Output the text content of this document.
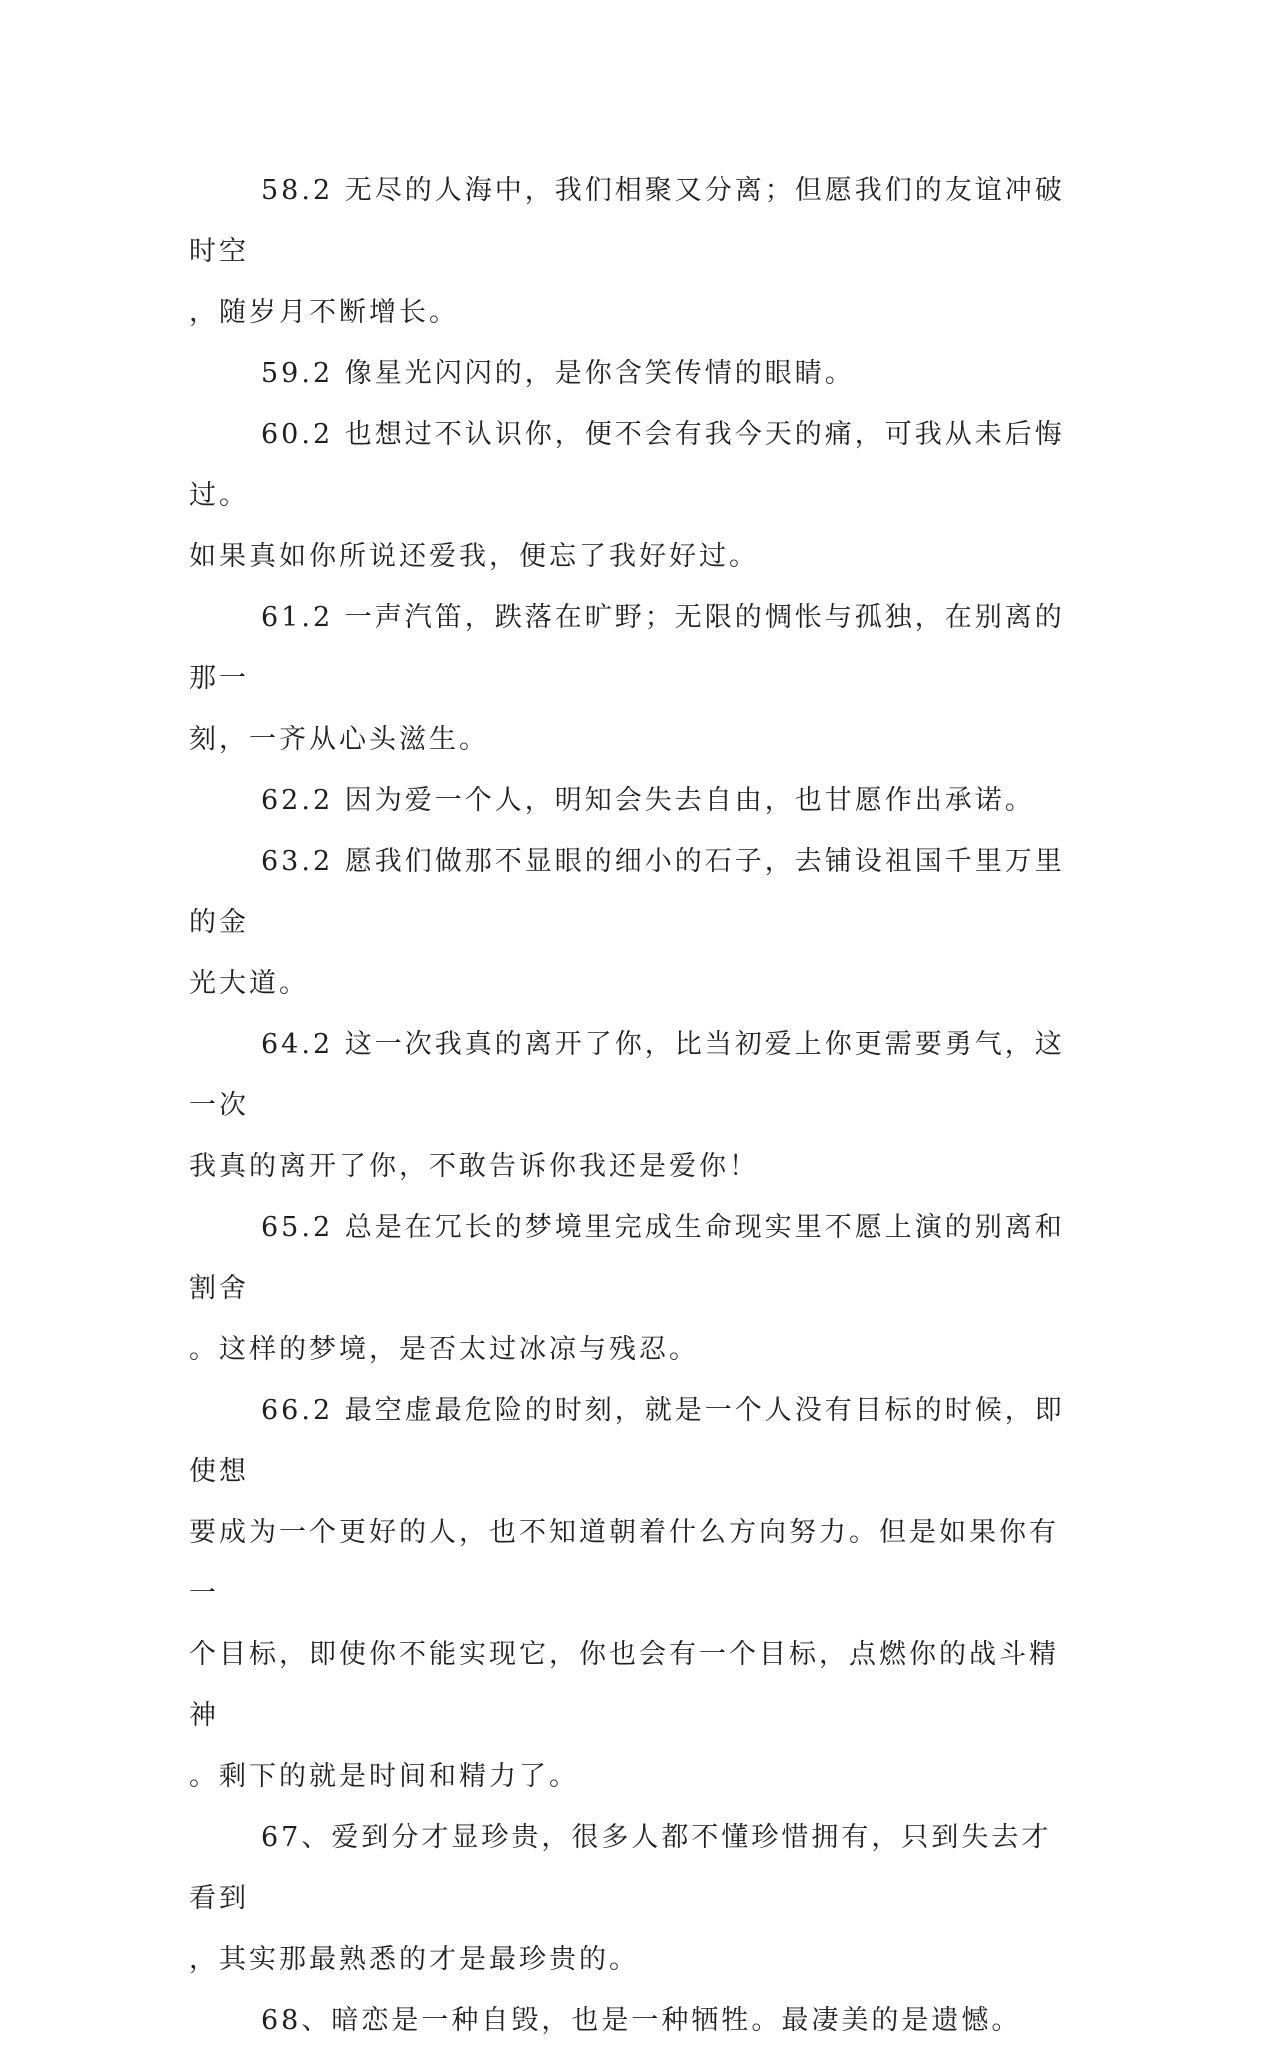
58.2 无尽的人海中，我们相聚又分离；但愿我们的友谊冲破时空
，随岁月不断增长。

59.2 像星光闪闪的，是你含笑传情的眼睛。

60.2 也想过不认识你，便不会有我今天的痛，可我从未后悔过。
如果真如你所说还爱我，便忘了我好好过。

61.2 一声汽笛，跌落在旷野；无限的惆怅与孤独，在别离的那一
刻，一齐从心头滋生。

62.2 因为爱一个人，明知会失去自由，也甘愿作出承诺。

63.2 愿我们做那不显眼的细小的石子，去铺设祖国千里万里的金
光大道。

64.2 这一次我真的离开了你，比当初爱上你更需要勇气，这一次
我真的离开了你，不敢告诉你我还是爱你！

65.2 总是在冗长的梦境里完成生命现实里不愿上演的别离和割舍
。这样的梦境，是否太过冰凉与残忍。

66.2 最空虚最危险的时刻，就是一个人没有目标的时候，即使想
要成为一个更好的人，也不知道朝着什么方向努力。但是如果你有一
个目标，即使你不能实现它，你也会有一个目标，点燃你的战斗精神
。剩下的就是时间和精力了。

67、爱到分才显珍贵，很多人都不懂珍惜拥有，只到失去才看到
，其实那最熟悉的才是最珍贵的。

68、暗恋是一种自毁，也是一种牺牲。最凄美的是遗憾。
